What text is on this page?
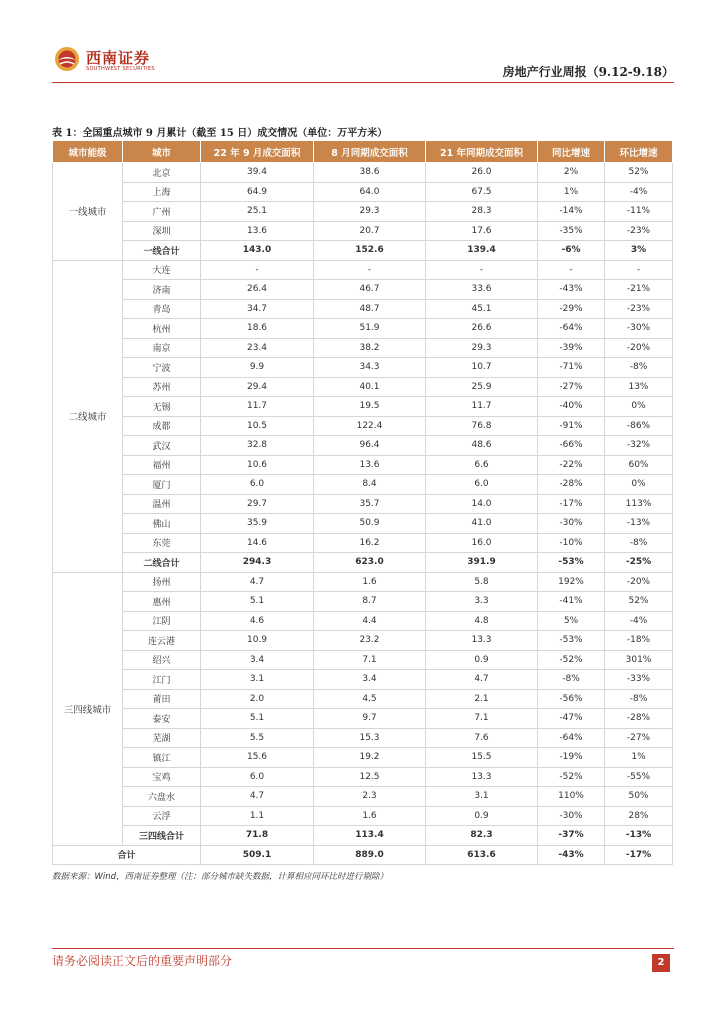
西南证券
SOUTHWEST SECURITIES	房地产行业周报（9.12-9.18）
表 1：全国重点城市 9 月累计（截至 15 日）成交情况（单位：万平方米）
城市能级	城市	22 年 9 月成交面积	8 月同期成交面积	21 年同期成交面积	同比增速	环比增速
一线城市	北京	39.4	38.6	26.0	2%	52%
	上海	64.9	64.0	67.5	1%	-4%
	广州	25.1	29.3	28.3	-14%	-11%
	深圳	13.6	20.7	17.6	-35%	-23%
	一线合计	143.0	152.6	139.4	-6%	3%
二线城市	大连	-	-	-	-	-
	济南	26.4	46.7	33.6	-43%	-21%
	青岛	34.7	48.7	45.1	-29%	-23%
	杭州	18.6	51.9	26.6	-64%	-30%
	南京	23.4	38.2	29.3	-39%	-20%
	宁波	9.9	34.3	10.7	-71%	-8%
	苏州	29.4	40.1	25.9	-27%	13%
	无锡	11.7	19.5	11.7	-40%	0%
	成都	10.5	122.4	76.8	-91%	-86%
	武汉	32.8	96.4	48.6	-66%	-32%
	福州	10.6	13.6	6.6	-22%	60%
	厦门	6.0	8.4	6.0	-28%	0%
	温州	29.7	35.7	14.0	-17%	113%
	佛山	35.9	50.9	41.0	-30%	-13%
	东莞	14.6	16.2	16.0	-10%	-8%
	二线合计	294.3	623.0	391.9	-53%	-25%
三四线城市	扬州	4.7	1.6	5.8	192%	-20%
	惠州	5.1	8.7	3.3	-41%	52%
	江阴	4.6	4.4	4.8	5%	-4%
	连云港	10.9	23.2	13.3	-53%	-18%
	绍兴	3.4	7.1	0.9	-52%	301%
	江门	3.1	3.4	4.7	-8%	-33%
	莆田	2.0	4.5	2.1	-56%	-8%
	泰安	5.1	9.7	7.1	-47%	-28%
	芜湖	5.5	15.3	7.6	-64%	-27%
	镇江	15.6	19.2	15.5	-19%	1%
	宝鸡	6.0	12.5	13.3	-52%	-55%
	六盘水	4.7	2.3	3.1	110%	50%
	云浮	1.1	1.6	0.9	-30%	28%
	三四线合计	71.8	113.4	82.3	-37%	-13%
合计		509.1	889.0	613.6	-43%	-17%
数据来源：Wind，西南证券整理（注：部分城市缺失数据，计算相应同环比时进行剔除）
请务必阅读正文后的重要声明部分	2
